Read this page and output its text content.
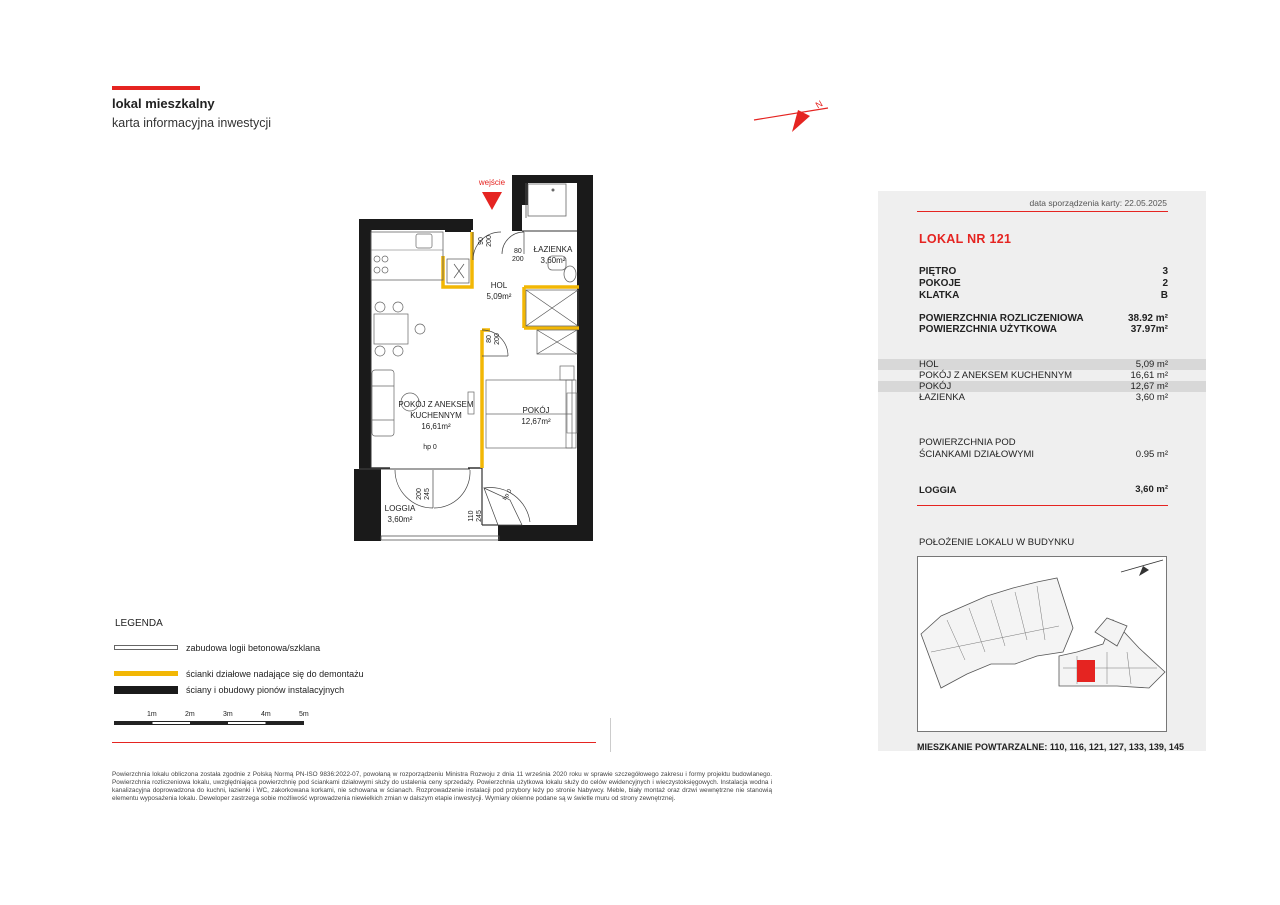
lokal mieszkalny
karta informacyjna inwestycji
N
wejście
ŁAZIENKA
3,60m²
HOL
5,09m²
POKÓJ Z ANEKSEM
KUCHENNYM
16,61m²
POKÓJ
12,67m²
LOGGIA
3,60m²
hp 0
90
200
80
200
80
200
200
245
110
245
hp 0
data sporządzenia karty: 22.05.2025
LOKAL NR 121
PIĘTRO	3
POKOJE	2
KLATKA	B
POWIERZCHNIA ROZLICZENIOWA	38.92 m²
POWIERZCHNIA UŻYTKOWA	37.97m²
HOL	5,09 m²
POKÓJ Z ANEKSEM KUCHENNYM	16,61 m²
POKÓJ	12,67 m²
ŁAZIENKA	3,60 m²
POWIERZCHNIA POD
ŚCIANKAMI DZIAŁOWYMI	0.95 m²
LOGGIA	3,60 m²
POŁOŻENIE LOKALU W BUDYNKU
MIESZKANIE POWTARZALNE: 110, 116, 121, 127, 133, 139, 145
LEGENDA
zabudowa logii betonowa/szklana
ścianki działowe nadające się do demontażu
ściany i obudowy pionów instalacyjnych
1m	2m	3m	4m	5m
Powierzchnia lokalu obliczona została zgodnie z Polską Normą PN-ISO 9836:2022-07, powołaną w rozporządzeniu Ministra Rozwoju z dnia 11 września 2020 roku w sprawie szczegółowego zakresu i formy projektu budowlanego. Powierzchnia rozliczeniowa lokalu, uwzględniająca powierzchnię pod ściankami działowymi służy do ustalenia ceny sprzedaży. Powierzchnia użytkowa lokalu służy do celów ewidencyjnych i wieczystoksięgowych. Instalacja wodna i kanalizacyjna doprowadzona do kuchni, łazienki i WC, zakorkowana korkami, nie schowana w ścianach. Rozprowadzenie instalacji pod przybory leży po stronie Nabywcy. Meble, biały montaż oraz drzwi wewnętrzne nie stanowią elementu wyposażenia lokalu. Deweloper zastrzega sobie możliwość wprowadzenia niewielkich zmian w dalszym etapie inwestycji. Wymiary okienne podane są w świetle muru od strony zewnętrznej.
